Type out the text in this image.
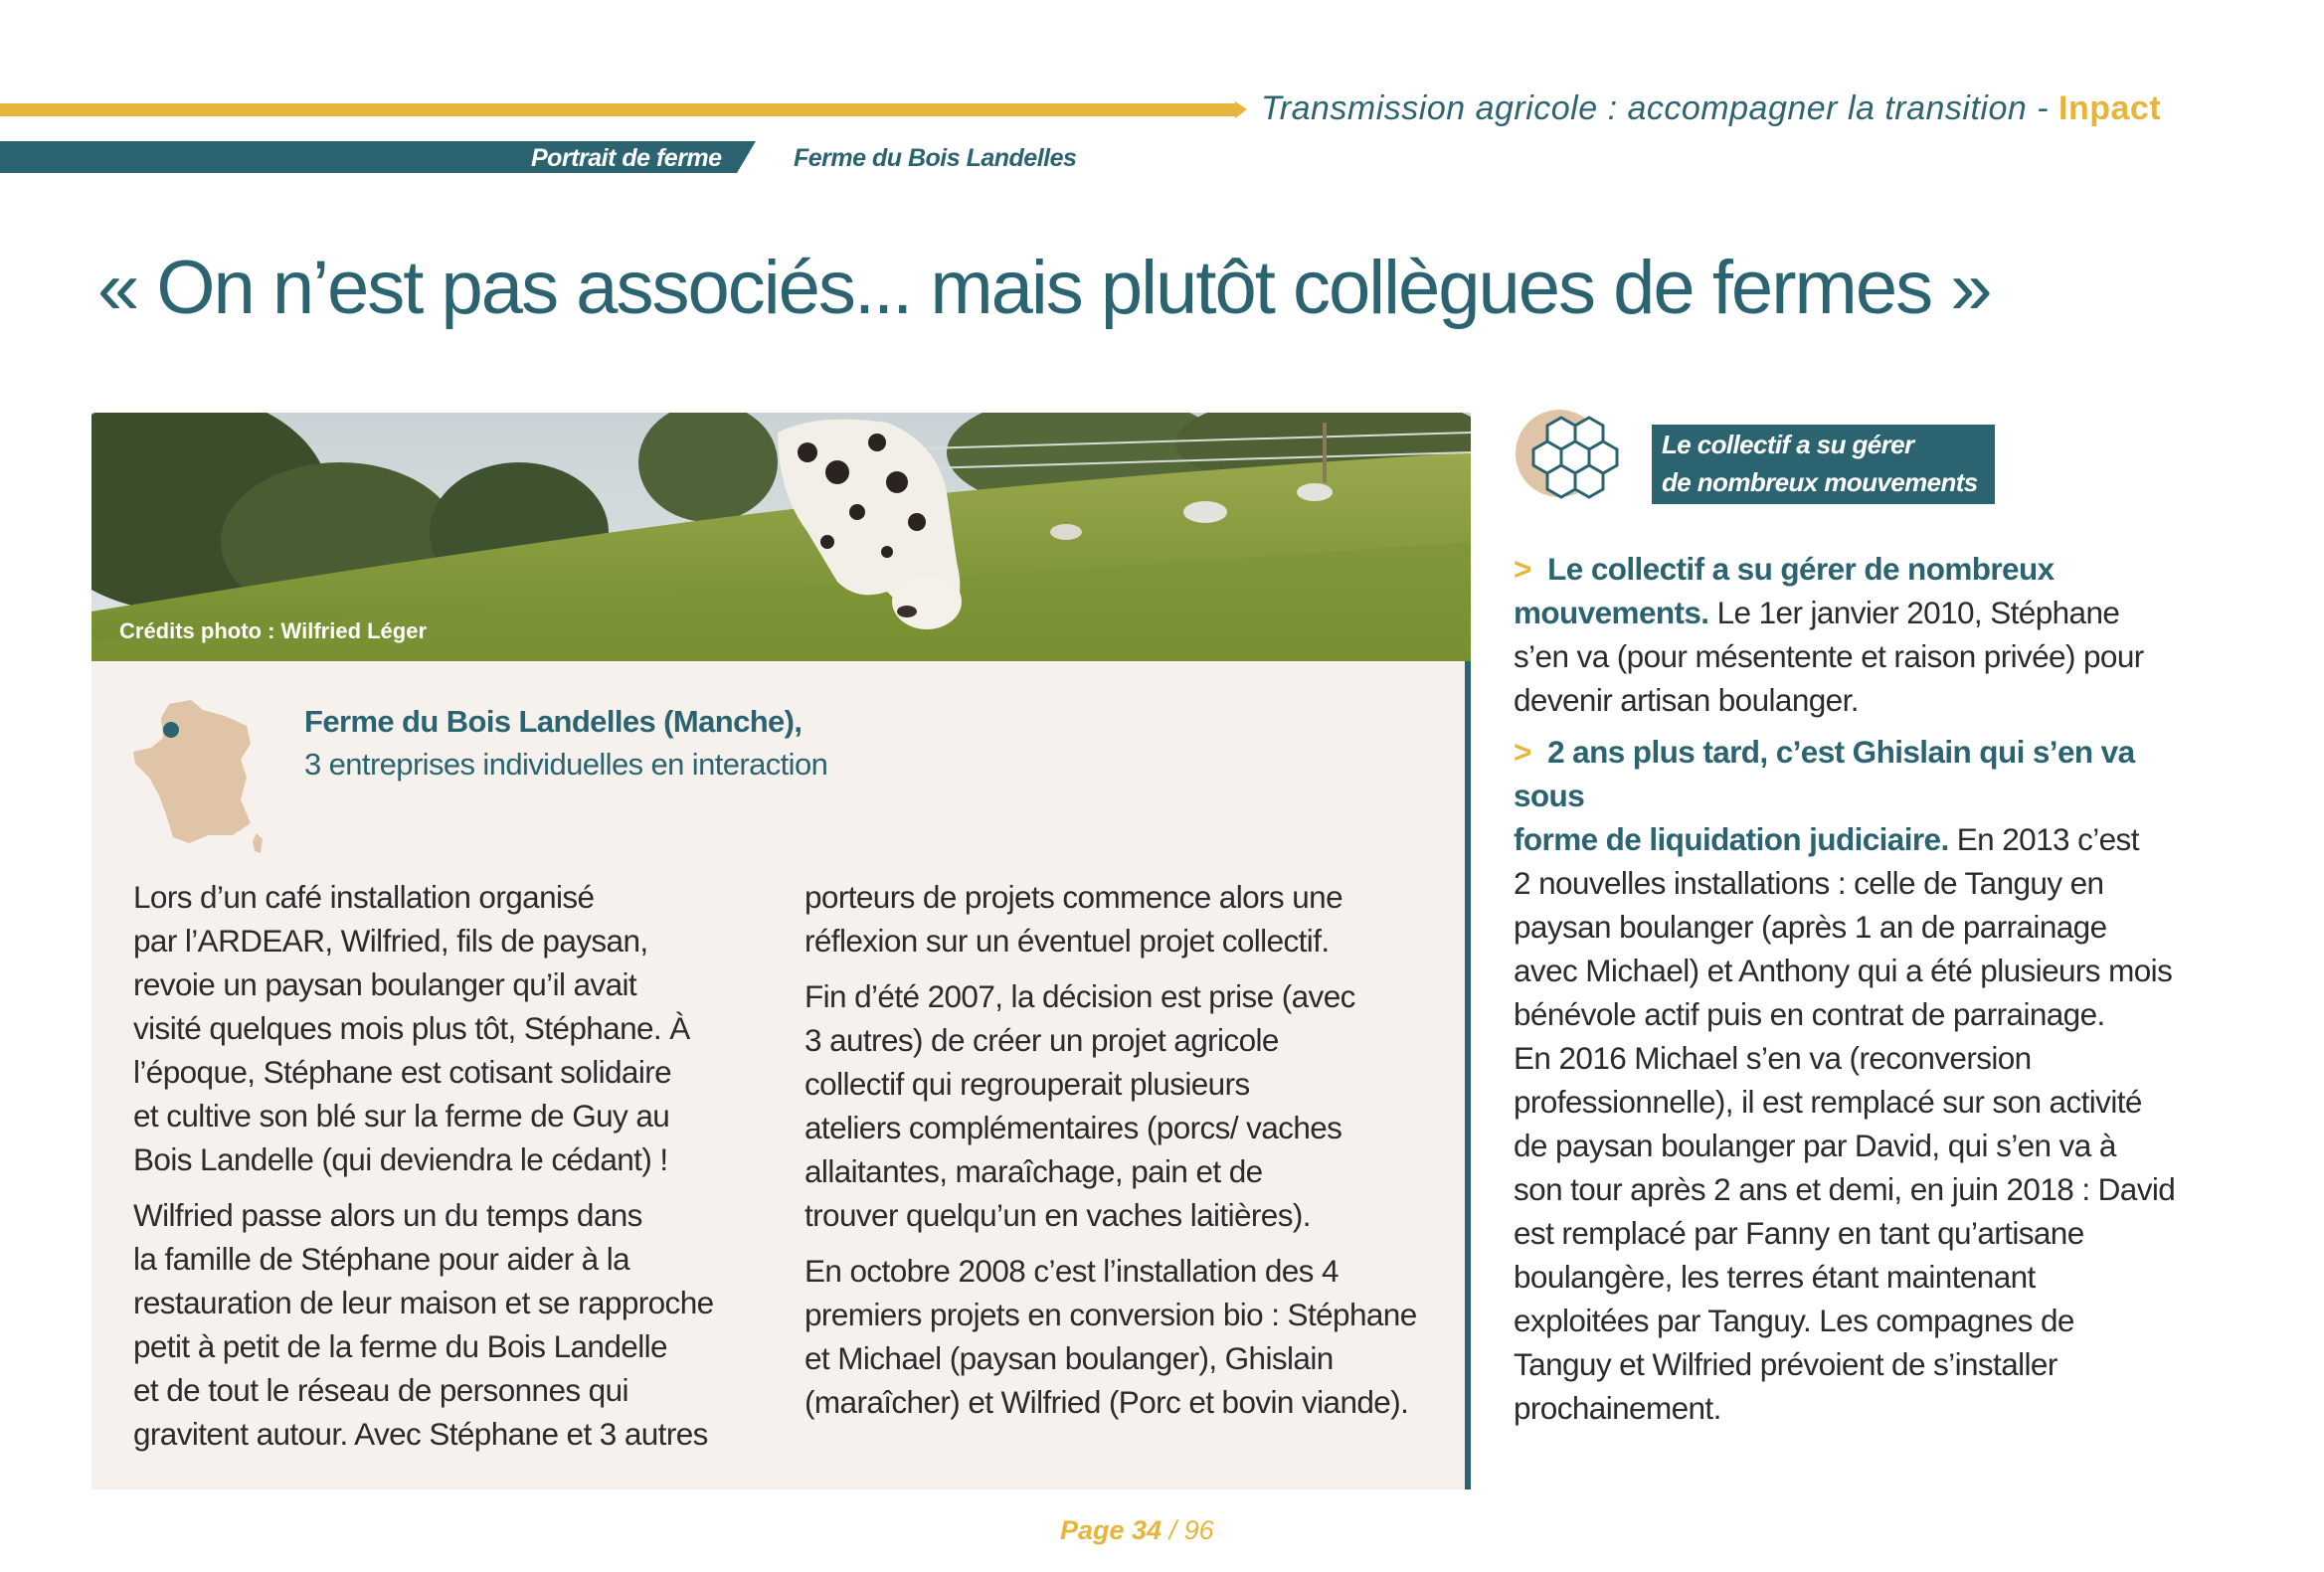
Transmission agricole : accompagner la transition - Inpact
Portrait de ferme	Ferme du Bois Landelles
« On n’est pas associés... mais plutôt collègues de fermes »
Crédits photo : Wilfried Léger
Ferme du Bois Landelles (Manche),
3 entreprises individuelles en interaction

Lors d’un café installation organisé
par l’ARDEAR, Wilfried, fils de paysan,
revoie un paysan boulanger qu’il avait
visité quelques mois plus tôt, Stéphane. À
l’époque, Stéphane est cotisant solidaire
et cultive son blé sur la ferme de Guy au
Bois Landelle (qui deviendra le cédant) !

Wilfried passe alors un du temps dans
la famille de Stéphane pour aider à la
restauration de leur maison et se rapproche
petit à petit de la ferme du Bois Landelle
et de tout le réseau de personnes qui
gravitent autour. Avec Stéphane et 3 autres

porteurs de projets commence alors une
réflexion sur un éventuel projet collectif.

Fin d’été 2007, la décision est prise (avec
3 autres) de créer un projet agricole
collectif qui regrouperait plusieurs
ateliers complémentaires (porcs/ vaches
allaitantes, maraîchage, pain et de
trouver quelqu’un en vaches laitières).

En octobre 2008 c’est l’installation des 4
premiers projets en conversion bio : Stéphane
et Michael (paysan boulanger), Ghislain
(maraîcher) et Wilfried (Porc et bovin viande).

Le collectif a su gérer
de nombreux mouvements

> Le collectif a su gérer de nombreux
mouvements. Le 1er janvier 2010, Stéphane
s’en va (pour mésentente et raison privée) pour
devenir artisan boulanger.

> 2 ans plus tard, c’est Ghislain qui s’en va sous
forme de liquidation judiciaire. En 2013 c’est
2 nouvelles installations : celle de Tanguy en
paysan boulanger (après 1 an de parrainage
avec Michael) et Anthony qui a été plusieurs mois
bénévole actif puis en contrat de parrainage.
En 2016 Michael s’en va (reconversion
professionnelle), il est remplacé sur son activité
de paysan boulanger par David, qui s’en va à
son tour après 2 ans et demi, en juin 2018 : David
est remplacé par Fanny en tant qu’artisane
boulangère, les terres étant maintenant
exploitées par Tanguy. Les compagnes de
Tanguy et Wilfried prévoient de s’installer
prochainement.

Page 34 / 96
